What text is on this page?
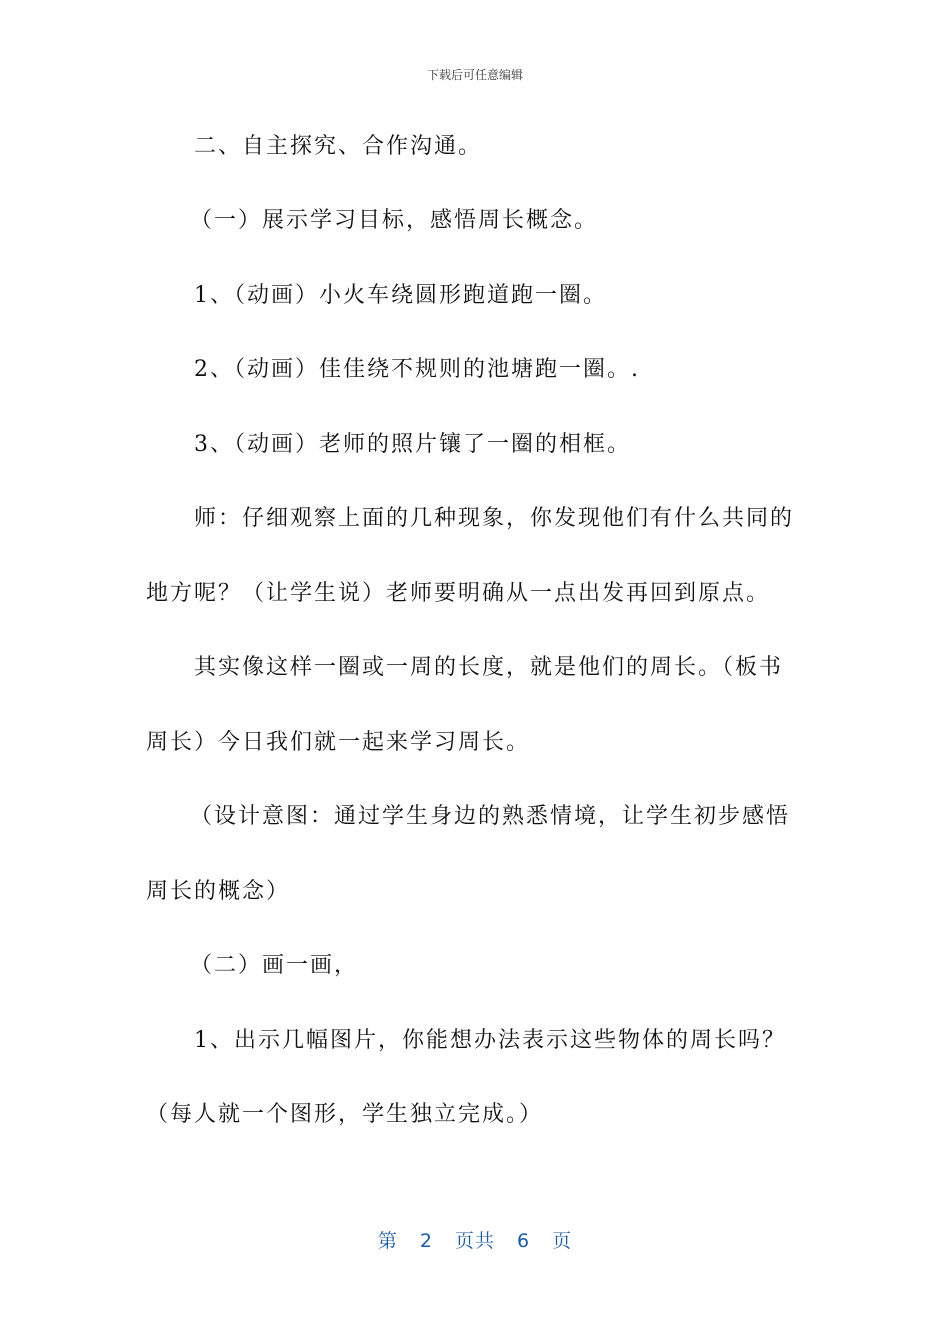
下载后可任意编辑
二、自主探究、合作沟通。
（一）展示学习目标，感悟周长概念。
1、（动画）小火车绕圆形跑道跑一圈。
2、（动画）佳佳绕不规则的池塘跑一圈。.
3、（动画）老师的照片镶了一圈的相框。
师：仔细观察上面的几种现象，你发现他们有什么共同的
地方呢？（让学生说）老师要明确从一点出发再回到原点。
其实像这样一圈或一周的长度，就是他们的周长。（板书
周长）今日我们就一起来学习周长。
（设计意图：通过学生身边的熟悉情境，让学生初步感悟
周长的概念）
（二）画一画，
1、出示几幅图片，你能想办法表示这些物体的周长吗？
（每人就一个图形，学生独立完成。）
第 2 页共 6 页
